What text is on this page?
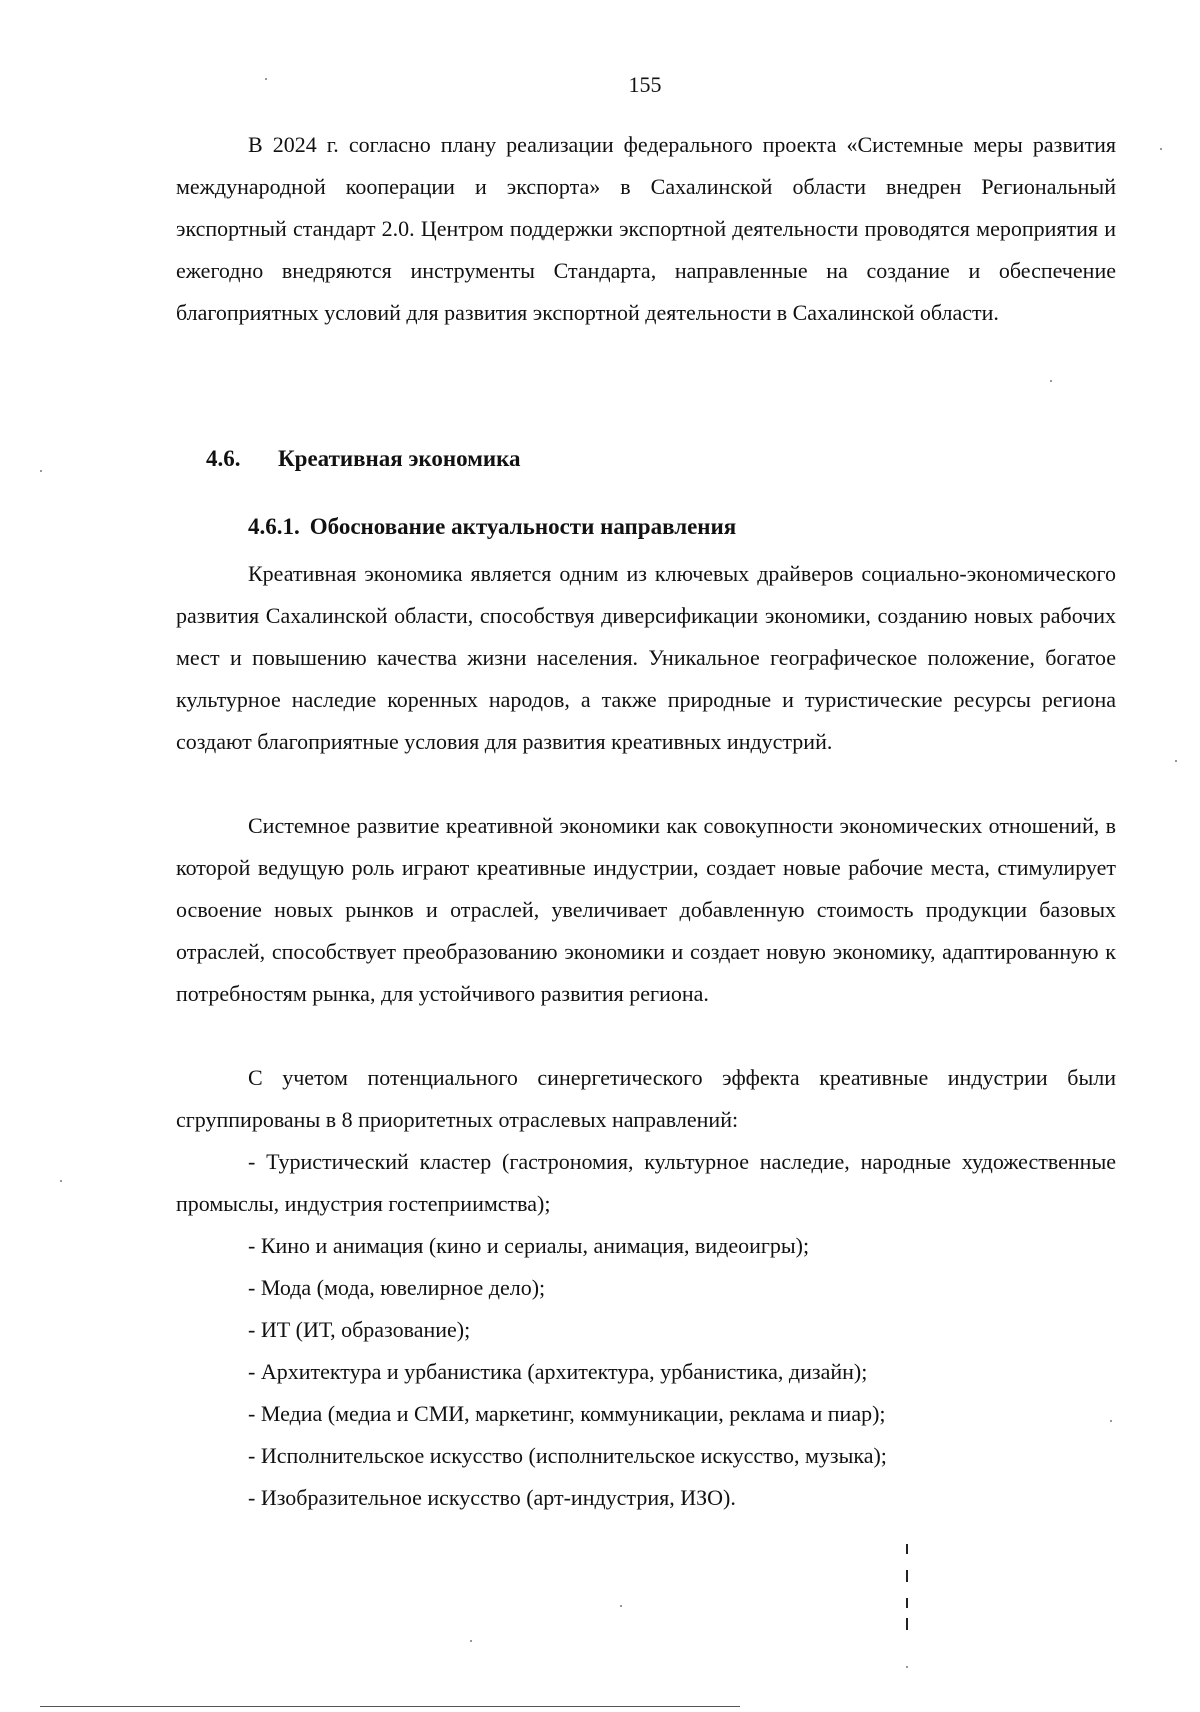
155

В 2024 г. согласно плану реализации федерального проекта «Системные меры развития международной кооперации и экспорта» в Сахалинской области внедрен Региональный экспортный стандарт 2.0. Центром поддержки экспортной деятельности проводятся мероприятия и ежегодно внедряются инструменты Стандарта, направленные на создание и обеспечение благоприятных условий для развития экспортной деятельности в Сахалинской области.

4.6. Креативная экономика
4.6.1. Обоснование актуальности направления

Креативная экономика является одним из ключевых драйверов социально-экономического развития Сахалинской области, способствуя диверсификации экономики, созданию новых рабочих мест и повышению качества жизни населения. Уникальное географическое положение, богатое культурное наследие коренных народов, а также природные и туристические ресурсы региона создают благоприятные условия для развития креативных индустрий.

Системное развитие креативной экономики как совокупности экономических отношений, в которой ведущую роль играют креативные индустрии, создает новые рабочие места, стимулирует освоение новых рынков и отраслей, увеличивает добавленную стоимость продукции базовых отраслей, способствует преобразованию экономики и создает новую экономику, адаптированную к потребностям рынка, для устойчивого развития региона.

С учетом потенциального синергетического эффекта креативные индустрии были сгруппированы в 8 приоритетных отраслевых направлений:

- Туристический кластер (гастрономия, культурное наследие, народные художественные промыслы, индустрия гостеприимства);

- Кино и анимация (кино и сериалы, анимация, видеоигры);

- Мода (мода, ювелирное дело);

- ИТ (ИТ, образование);

- Архитектура и урбанистика (архитектура, урбанистика, дизайн);

- Медиа (медиа и СМИ, маркетинг, коммуникации, реклама и пиар);

- Исполнительское искусство (исполнительское искусство, музыка);

- Изобразительное искусство (арт-индустрия, ИЗО).
